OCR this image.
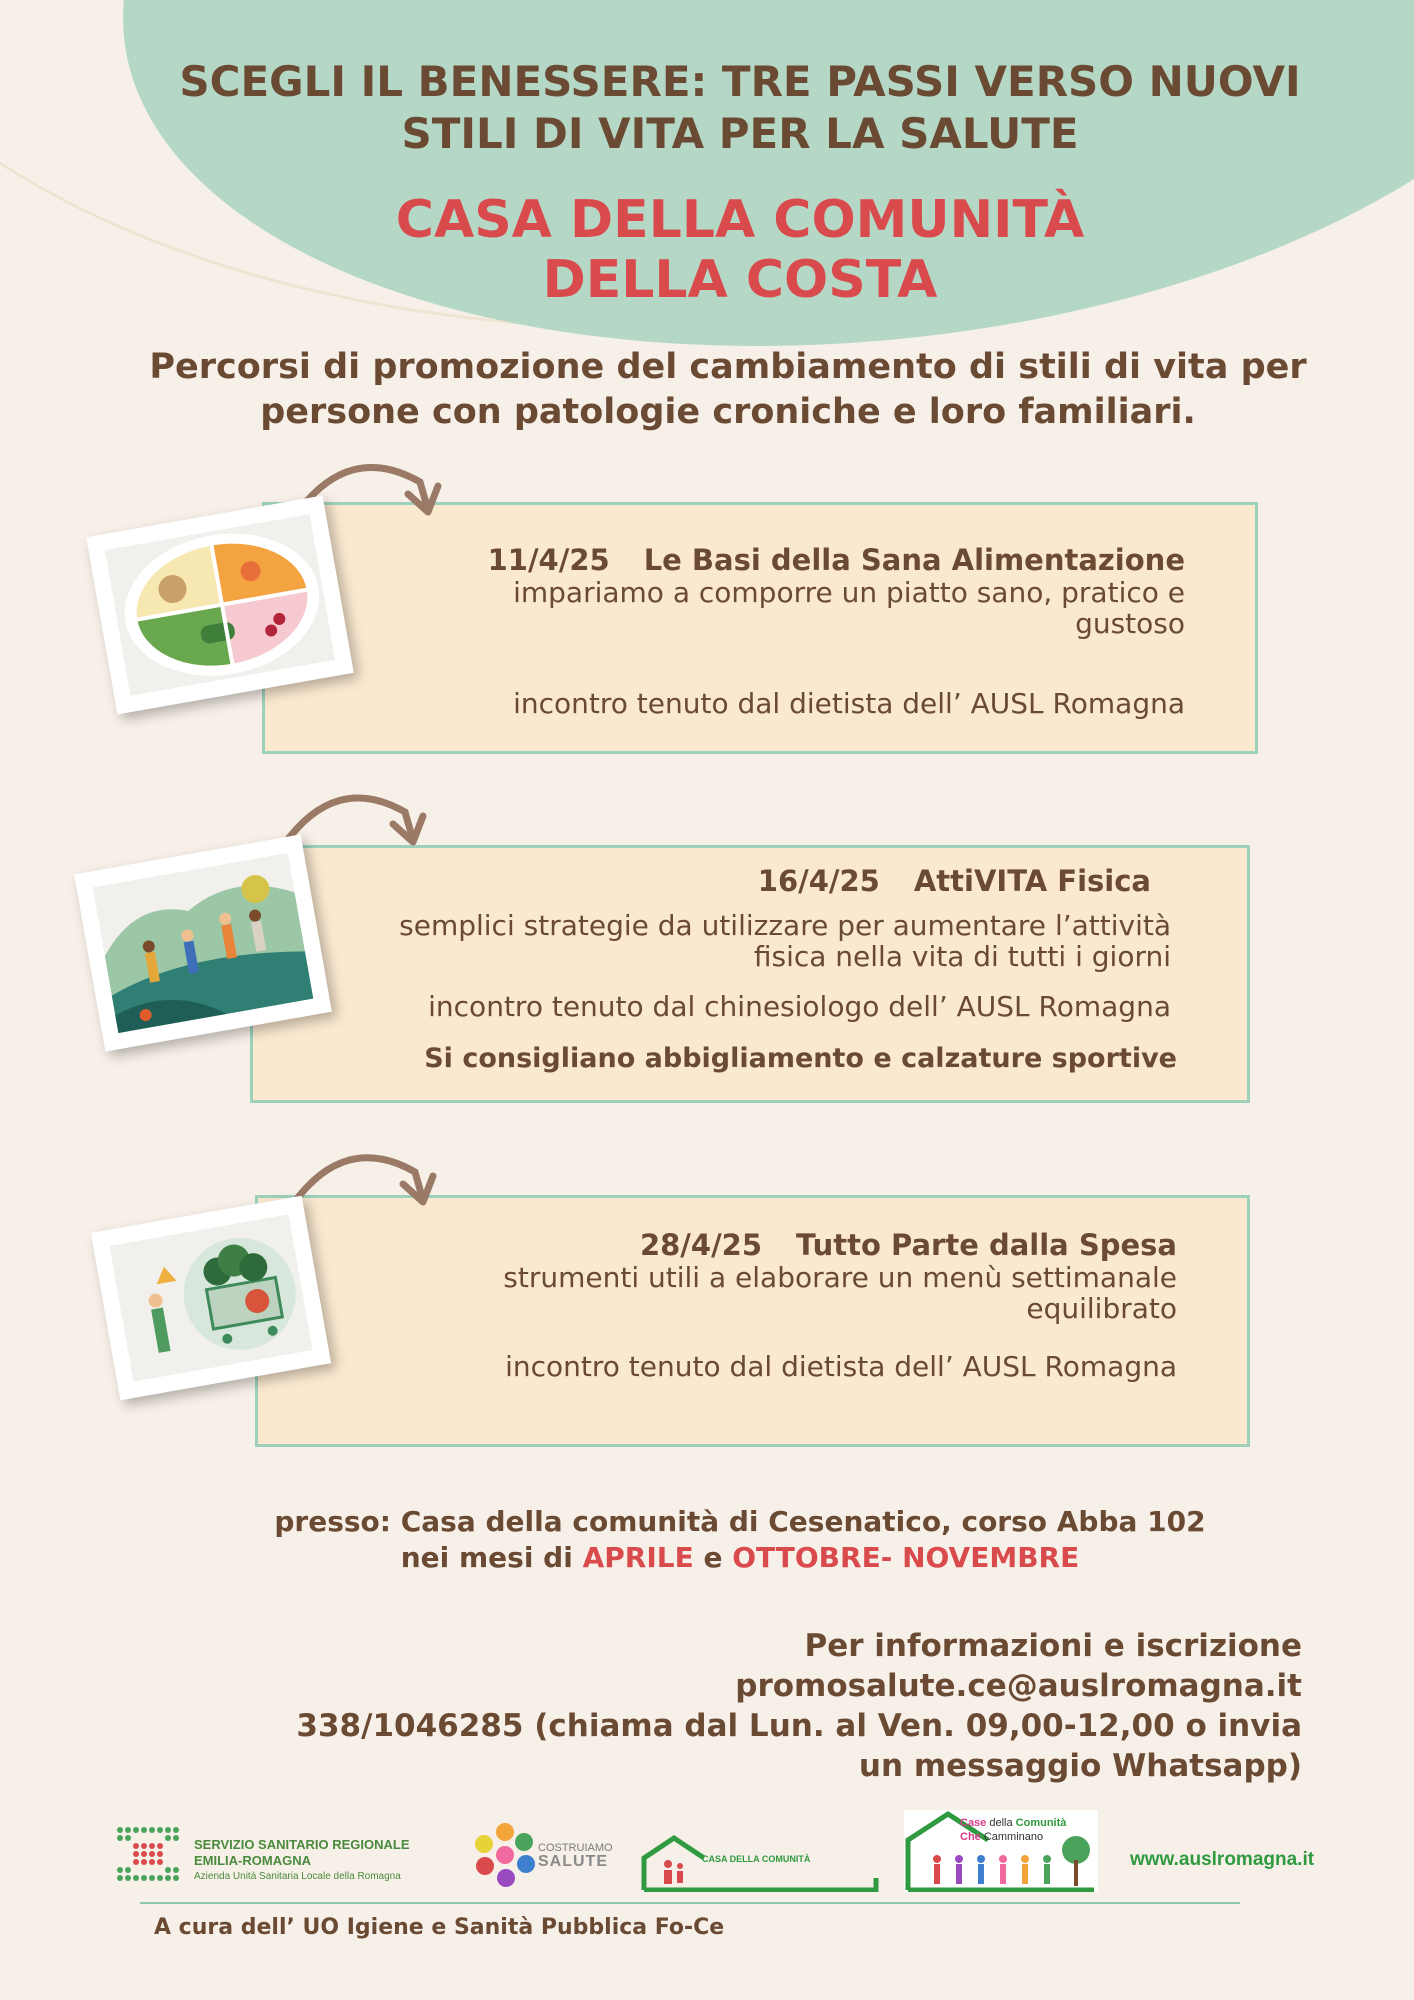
SCEGLI IL BENESSERE: TRE PASSI VERSO NUOVI
STILI DI VITA PER LA SALUTE
CASA DELLA COMUNITÀ
DELLA COSTA
Percorsi di promozione del cambiamento di stili di vita per
persone con patologie croniche e loro familiari.
11/4/25 Le Basi della Sana Alimentazione
impariamo a comporre un piatto sano, pratico e
gustoso
incontro tenuto dal dietista dell’ AUSL Romagna
16/4/25 AttiVITA Fisica
semplici strategie da utilizzare per aumentare l’attività
fisica nella vita di tutti i giorni
incontro tenuto dal chinesiologo dell’ AUSL Romagna
Si consigliano abbigliamento e calzature sportive
28/4/25 Tutto Parte dalla Spesa
strumenti utili a elaborare un menù settimanale
equilibrato
incontro tenuto dal dietista dell’ AUSL Romagna
presso: Casa della comunità di Cesenatico, corso Abba 102
nei mesi di APRILE e OTTOBRE- NOVEMBRE
Per informazioni e iscrizione
promosalute.ce@auslromagna.it
338/1046285 (chiama dal Lun. al Ven. 09,00-12,00 o invia
un messaggio Whatsapp)
SERVIZIO SANITARIO REGIONALE
EMILIA-ROMAGNA
Azienda Unità Sanitaria Locale della Romagna
COSTRUIAMO
SALUTE	CASA DELLA COMUNITÀ
Case della Comunità
Che Camminano
www.auslromagna.it
A cura dell’ UO Igiene e Sanità Pubblica Fo-Ce
